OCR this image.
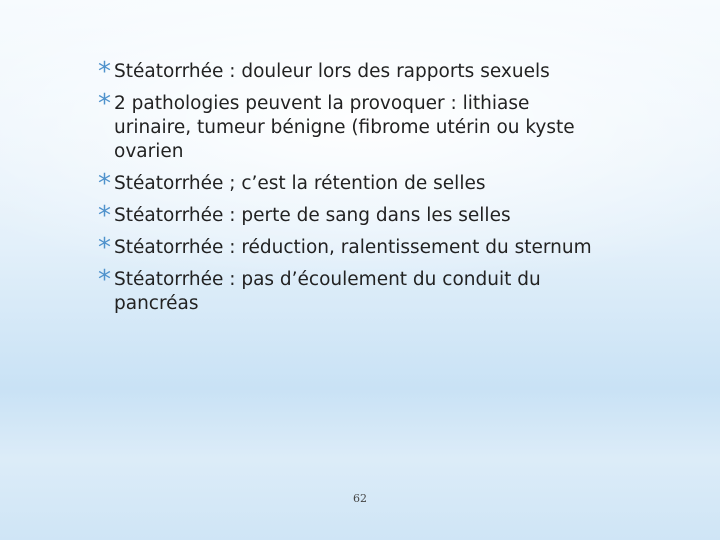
* Stéatorrhée : douleur lors des rapports sexuels
* 2 pathologies peuvent la provoquer : lithiase urinaire, tumeur bénigne (fibrome utérin ou kyste ovarien
* Stéatorrhée ; c’est la rétention de selles
* Stéatorrhée : perte de sang dans les selles
* Stéatorrhée : réduction, ralentissement du sternum
* Stéatorrhée : pas d’écoulement du conduit du pancréas
62
